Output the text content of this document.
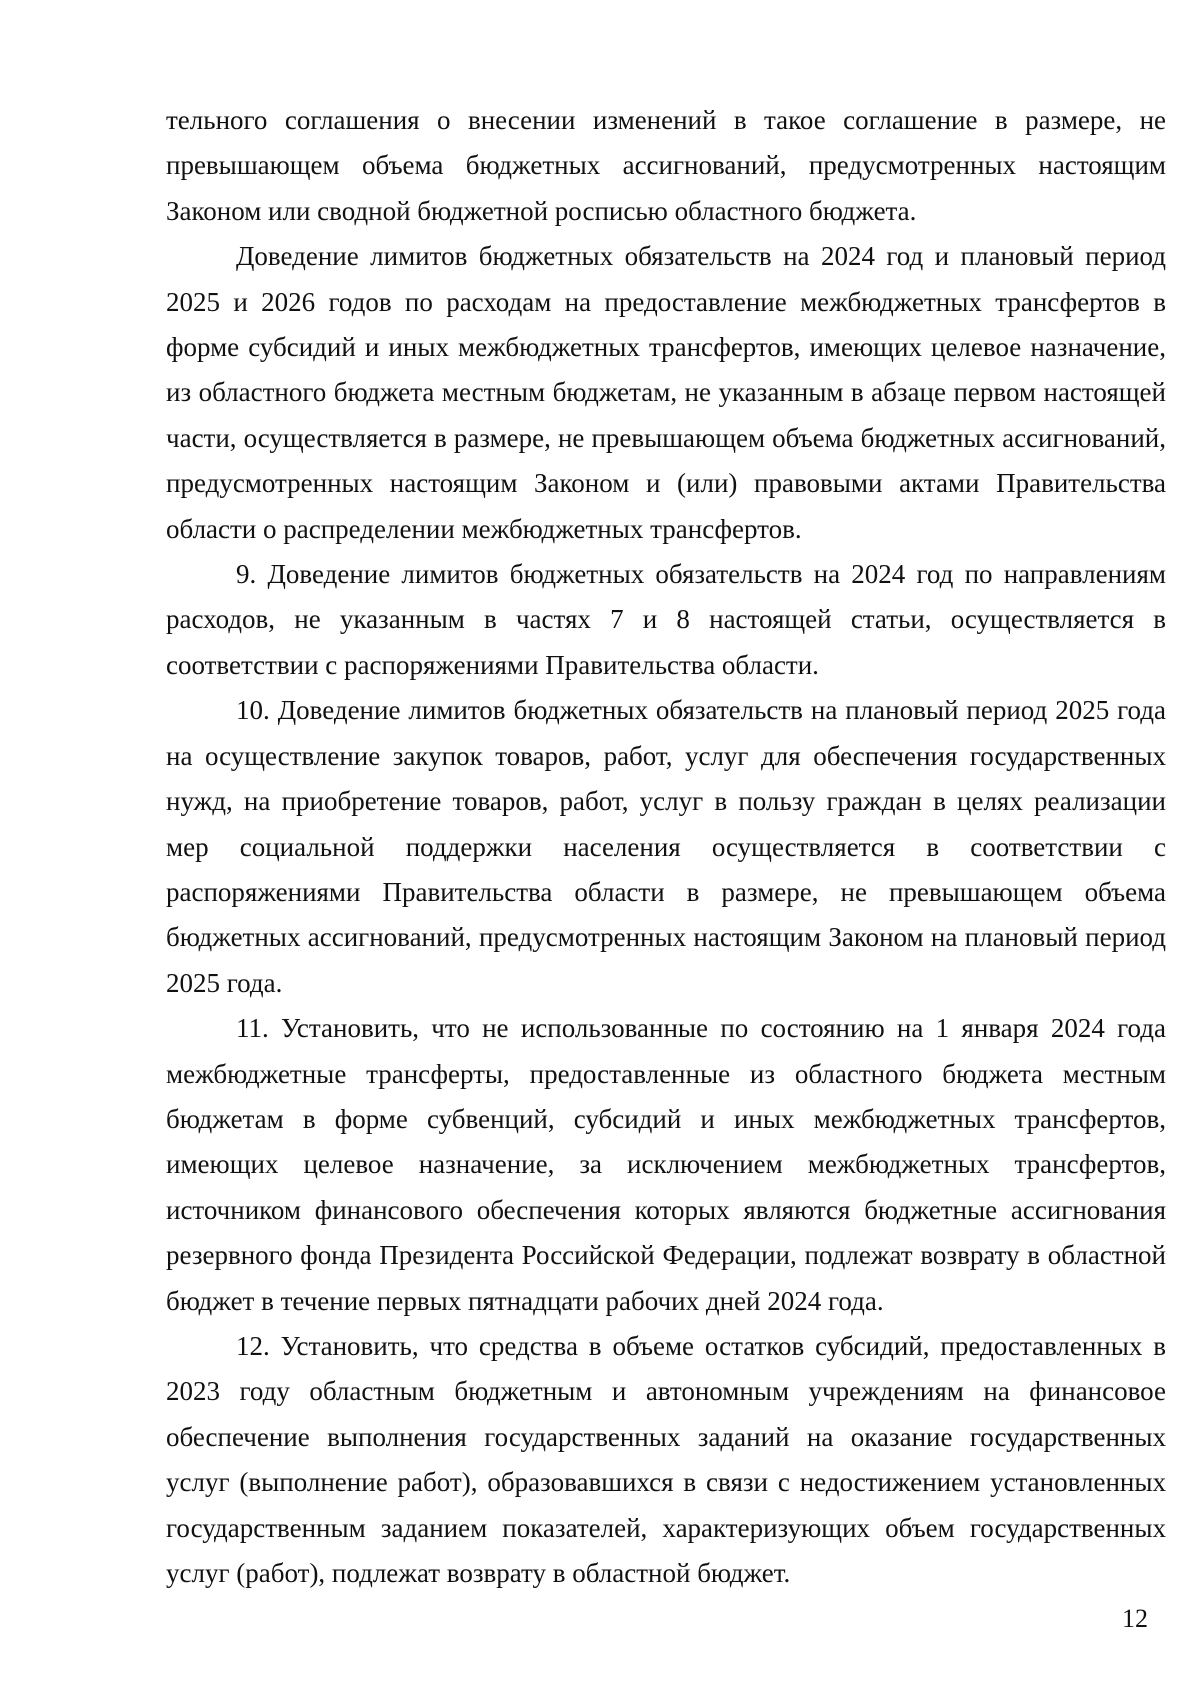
тельного соглашения о внесении изменений в такое соглашение в размере, не превышающем объема бюджетных ассигнований, предусмотренных настоящим Законом или сводной бюджетной росписью областного бюджета.

Доведение лимитов бюджетных обязательств на 2024 год и плановый период 2025 и 2026 годов по расходам на предоставление межбюджетных трансфертов в форме субсидий и иных межбюджетных трансфертов, имеющих целевое назначение, из областного бюджета местным бюджетам, не указанным в абзаце первом настоящей части, осуществляется в размере, не превышающем объема бюджетных ассигнований, предусмотренных настоящим Законом и (или) правовыми актами Правительства области о распределении межбюджетных трансфертов.

9. Доведение лимитов бюджетных обязательств на 2024 год по направлениям расходов, не указанным в частях 7 и 8 настоящей статьи, осуществляется в соответствии с распоряжениями Правительства области.

10. Доведение лимитов бюджетных обязательств на плановый период 2025 года на осуществление закупок товаров, работ, услуг для обеспечения государственных нужд, на приобретение товаров, работ, услуг в пользу граждан в целях реализации мер социальной поддержки населения осуществляется в соответствии с распоряжениями Правительства области в размере, не превышающем объема бюджетных ассигнований, предусмотренных настоящим Законом на плановый период 2025 года.

11. Установить, что не использованные по состоянию на 1 января 2024 года межбюджетные трансферты, предоставленные из областного бюджета местным бюджетам в форме субвенций, субсидий и иных межбюджетных трансфертов, имеющих целевое назначение, за исключением межбюджетных трансфертов, источником финансового обеспечения которых являются бюджетные ассигнования резервного фонда Президента Российской Федерации, подлежат возврату в областной бюджет в течение первых пятнадцати рабочих дней 2024 года.

12. Установить, что средства в объеме остатков субсидий, предоставленных в 2023 году областным бюджетным и автономным учреждениям на финансовое обеспечение выполнения государственных заданий на оказание государственных услуг (выполнение работ), образовавшихся в связи с недостижением установленных государственным заданием показателей, характеризующих объем государственных услуг (работ), подлежат возврату в областной бюджет.

12
